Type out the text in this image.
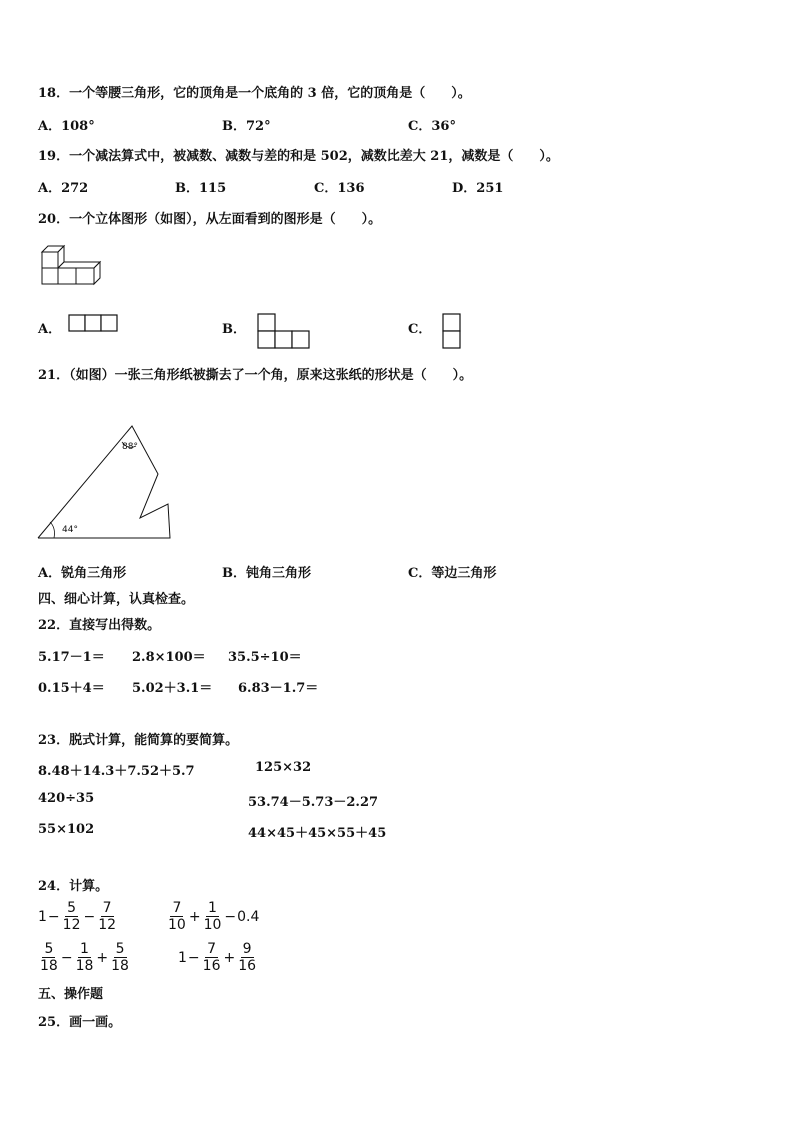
18．一个等腰三角形，它的顶角是一个底角的 3 倍，它的顶角是（　　）。
A．108°	B．72°	C．36°
19．一个减法算式中，被减数、减数与差的和是 502，减数比差大 21，减数是（　　）。
A．272	B．115	C．136	D．251
20．一个立体图形（如图），从左面看到的图形是（　　）。
A．	B．	C．
21．（如图）一张三角形纸被撕去了一个角，原来这张纸的形状是（　　）。
88°
44°
A．锐角三角形	B．钝角三角形	C．等边三角形
四、细心计算，认真检查。
22．直接写出得数。
5.17－1＝ 2.8×100＝ 35.5÷10＝
0.15＋4＝ 5.02＋3.1＝ 6.83－1.7＝
23．脱式计算，能简算的要简算。
8.48＋14.3＋7.52＋5.7	125×32
420÷35	53.74－5.73－2.27
55×102	44×45＋45×55＋45
24．计算。
$1 - \frac{5}{12} - \frac{7}{12}$	$\frac{7}{10} + \frac{1}{10} - 0.4$
$\frac{5}{18} - \frac{1}{18} + \frac{5}{18}$	$1 - \frac{7}{16} + \frac{9}{16}$
五、操作题
25．画一画。
